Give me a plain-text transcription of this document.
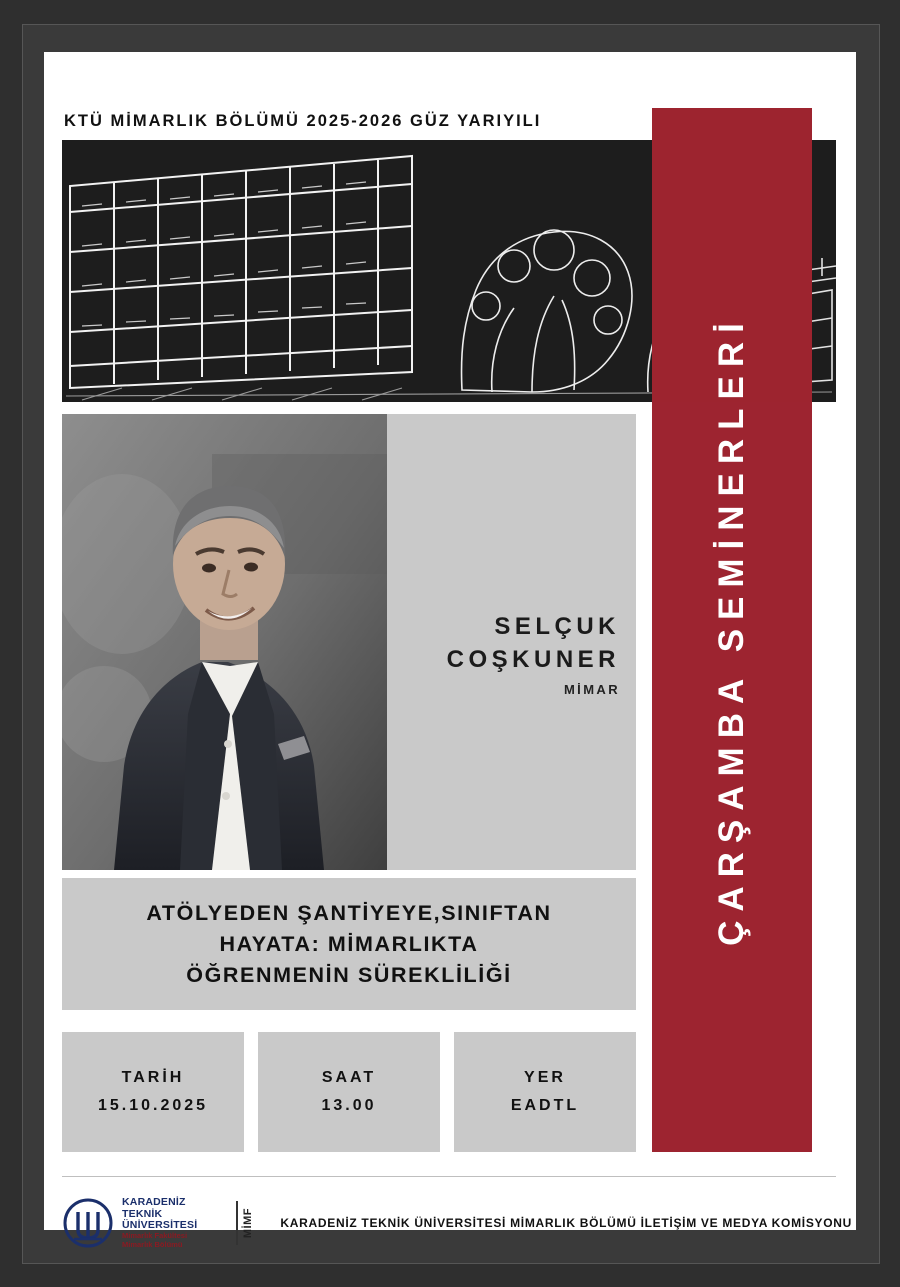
KTÜ MİMARLIK BÖLÜMÜ 2025-2026 GÜZ YARIYILI
ÇARŞAMBA SEMİNERLERİ
SELÇUK
COŞKUNER
MİMAR
ATÖLYEDEN ŞANTİYEYE,SINIFTAN
HAYATA: MİMARLIKTA
ÖĞRENMENİN SÜREKLİLİĞİ
TARİH
15.10.2025
SAAT
13.00
YER
EADTL
KARADENİZ
TEKNİK ÜNİVERSİTESİ
Mimarlık Fakültesi
Mimarlık Bölümü
MİMF KARADENİZ TEKNİK ÜNİVERSİTESİ MİMARLIK BÖLÜMÜ İLETİŞİM VE MEDYA KOMİSYONU
